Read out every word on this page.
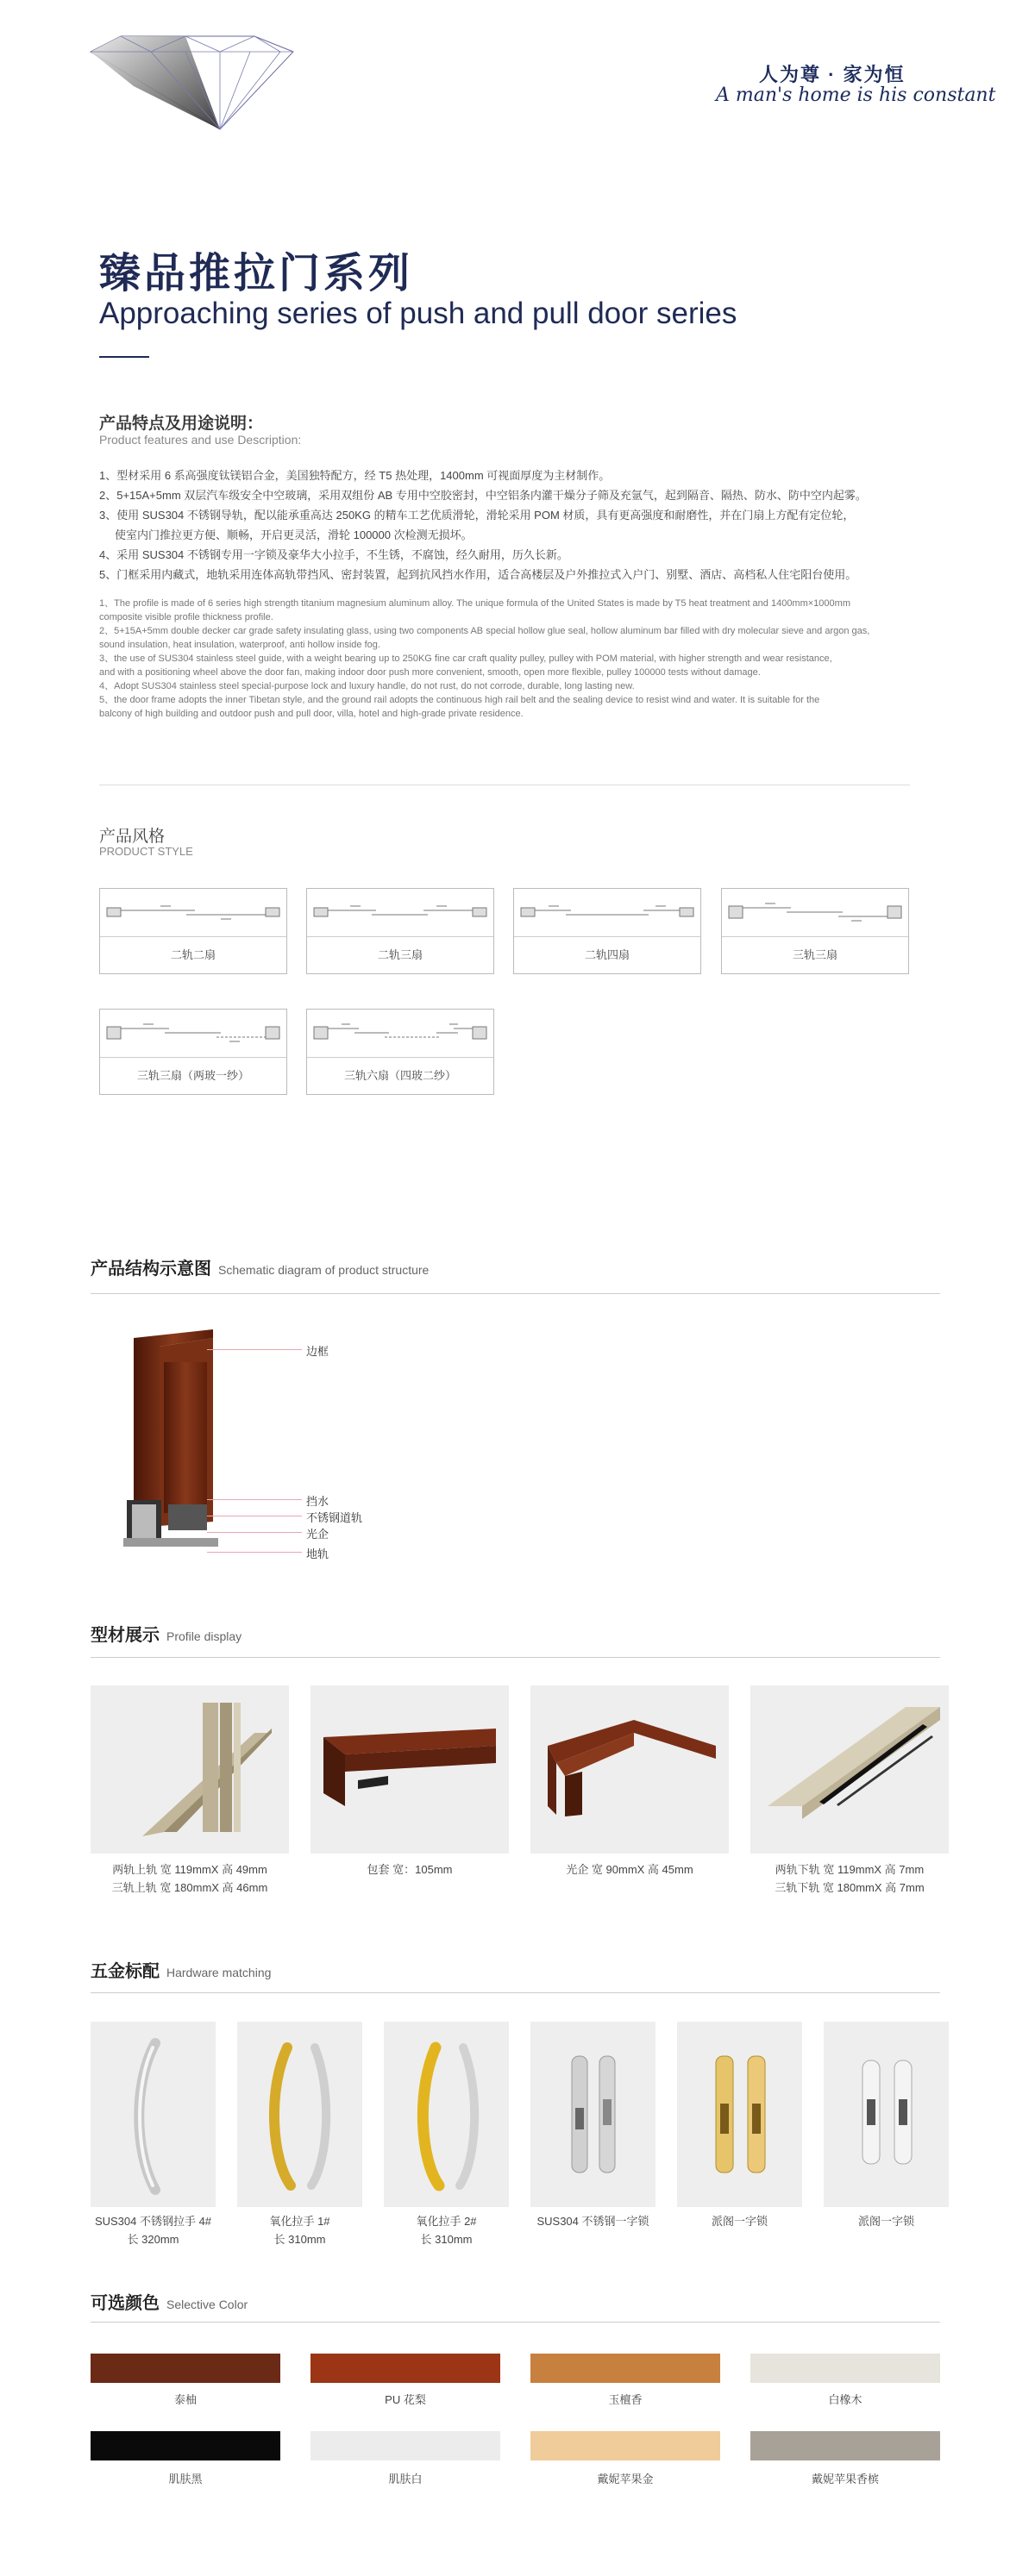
人为尊 · 家为恒
A man's home is his constant
臻品推拉门系列
Approaching series of push and pull door series
产品特点及用途说明：
Product features and use Description:
1、型材采用 6 系高强度钛镁铝合金，美国独特配方，经 T5 热处理，1400mm 可视面厚度为主材制作。
2、5+15A+5mm 双层汽车级安全中空玻璃，采用双组份 AB 专用中空胶密封，中空铝条内灌干燥分子筛及充氩气，起到隔音、隔热、防水、防中空内起雾。
3、使用 SUS304 不锈钢导轨，配以能承重高达 250KG 的精车工艺优质滑轮，滑轮采用 POM 材质，具有更高强度和耐磨性，并在门扇上方配有定位轮，
使室内门推拉更方便、顺畅，开启更灵活，滑轮 100000 次检测无损坏。
4、采用 SUS304 不锈钢专用一字锁及豪华大小拉手，不生锈，不腐蚀，经久耐用，历久长新。
5、门框采用内藏式，地轨采用连体高轨带挡风、密封装置，起到抗风挡水作用，适合高楼层及户外推拉式入户门、别墅、酒店、高档私人住宅阳台使用。
1、The profile is made of 6 series high strength titanium magnesium aluminum alloy. The unique formula of the United States is made by T5 heat treatment and 1400mm×1000mm
composite visible profile thickness profile.
2、5+15A+5mm double decker car grade safety insulating glass, using two components AB special hollow glue seal, hollow aluminum bar filled with dry molecular sieve and argon gas,
sound insulation, heat insulation, waterproof, anti hollow inside fog.
3、the use of SUS304 stainless steel guide, with a weight bearing up to 250KG fine car craft quality pulley, pulley with POM material, with higher strength and wear resistance,
and with a positioning wheel above the door fan, making indoor door push more convenient, smooth, open more flexible, pulley 100000 tests without damage.
4、Adopt SUS304 stainless steel special-purpose lock and luxury handle, do not rust, do not corrode, durable, long lasting new.
5、the door frame adopts the inner Tibetan style, and the ground rail adopts the continuous high rail belt and the sealing device to resist wind and water. It is suitable for the
balcony of high building and outdoor push and pull door, villa, hotel and high-grade private residence.
产品风格
PRODUCT STYLE
二轨二扇	二轨三扇	二轨四扇	三轨三扇
三轨三扇（两玻一纱）	三轨六扇（四玻二纱）
产品结构示意图 Schematic diagram of product structure
边框
挡水
不锈钢道轨
光企
地轨
型材展示 Profile display
两轨上轨 宽 119mmX 高 49mm
三轨上轨 宽 180mmX 高 46mm
包套 宽：105mm	光企 宽 90mmX 高 45mm	两轨下轨 宽 119mmX 高 7mm
三轨下轨 宽 180mmX 高 7mm
五金标配 Hardware matching
SUS304 不锈钢拉手 4#
长 320mm
氧化拉手 1#
长 310mm
氧化拉手 2#
长 310mm
SUS304 不锈钢一字锁	派阁一字锁	派阁一字锁
可选颜色 Selective Color
泰柚	PU 花梨	玉檀香	白橡木
肌肤黑	肌肤白	戴妮苹果金	戴妮苹果香槟
